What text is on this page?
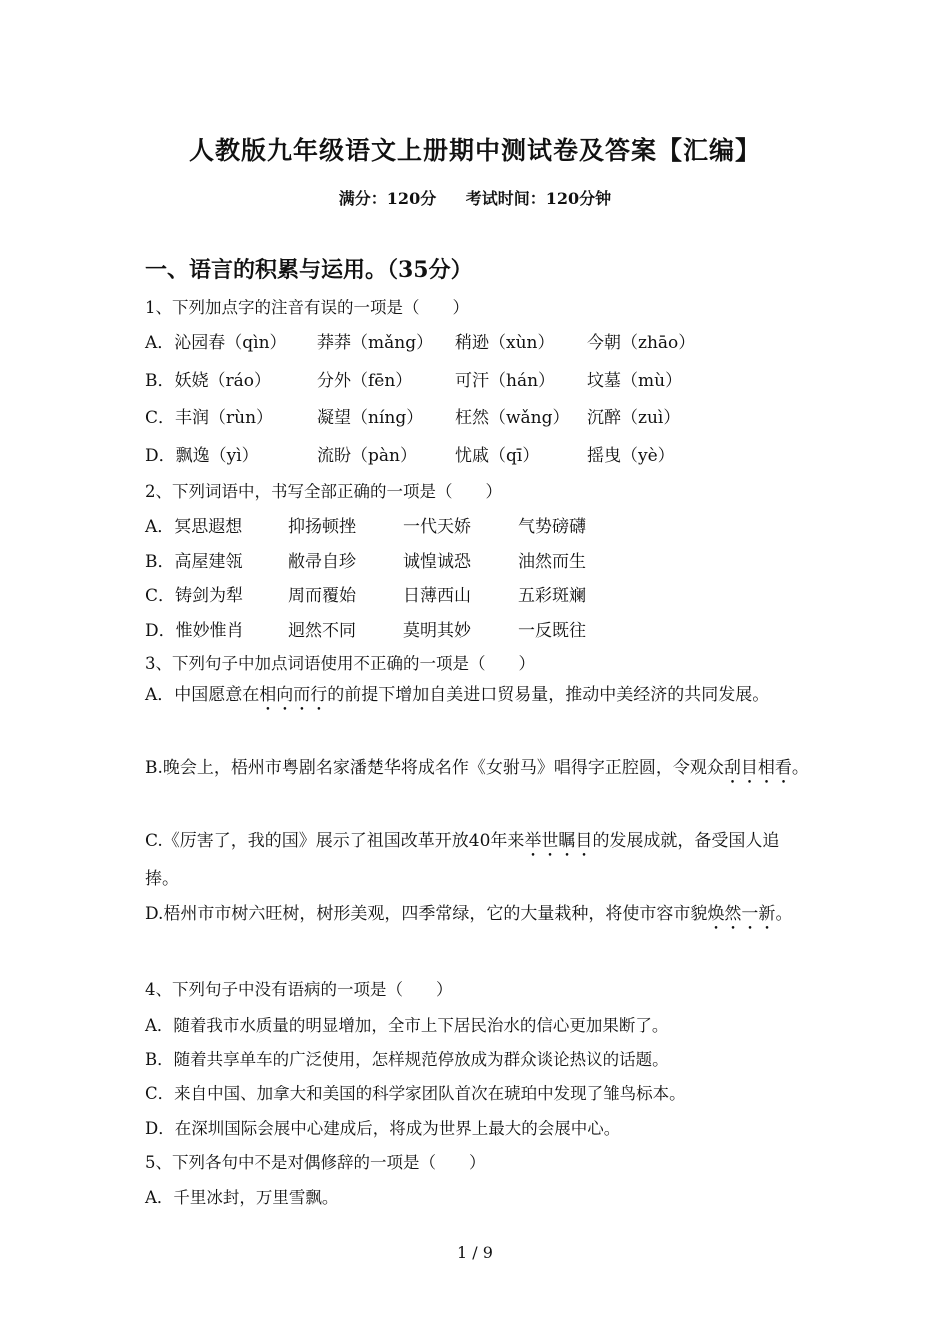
人教版九年级语文上册期中测试卷及答案【汇编】
满分：120分 考试时间：120分钟
一、语言的积累与运用。（35分）
1、下列加点字的注音有误的一项是（　　）
A．沁园春（qìn） 莽莽（mǎng） 稍逊（xùn） 今朝（zhāo）
B．妖娆（ráo）	分外（fēn）	可汗（hán） 坟墓（mù）
C．丰润（rùn）	凝望（níng） 枉然（wǎng） 沉醉（zuì）
D．飘逸（yì）	流盼（pàn） 忧戚（qī）	摇曳（yè）
2、下列词语中，书写全部正确的一项是（　　）
A．冥思遐想	抑扬顿挫	一代天娇	气势磅礴
B．高屋建瓴	敝帚自珍	诚惶诚恐	油然而生
C．铸剑为犁	周而覆始	日薄西山	五彩斑斓
D．惟妙惟肖	迥然不同	莫明其妙	一反既往
3、下列句子中加点词语使用不正确的一项是（　　）
A．中国愿意在相向而行的前提下增加自美进口贸易量，推动中美经济的共同发展。
B.晚会上，梧州市粤剧名家潘楚华将成名作《女驸马》唱得字正腔圆，令观众刮目相看。
C.《厉害了，我的国》展示了祖国改革开放40年来举世瞩目的发展成就，备受国人追捧。
D.梧州市市树六旺树，树形美观，四季常绿，它的大量栽种，将使市容市貌焕然一新。
4、下列句子中没有语病的一项是（　　）
A．随着我市水质量的明显增加，全市上下居民治水的信心更加果断了。
B．随着共享单车的广泛使用，怎样规范停放成为群众谈论热议的话题。
C．来自中国、加拿大和美国的科学家团队首次在琥珀中发现了雏鸟标本。
D．在深圳国际会展中心建成后，将成为世界上最大的会展中心。
5、下列各句中不是对偶修辞的一项是（　　）
A．千里冰封，万里雪飘。
1 / 9
